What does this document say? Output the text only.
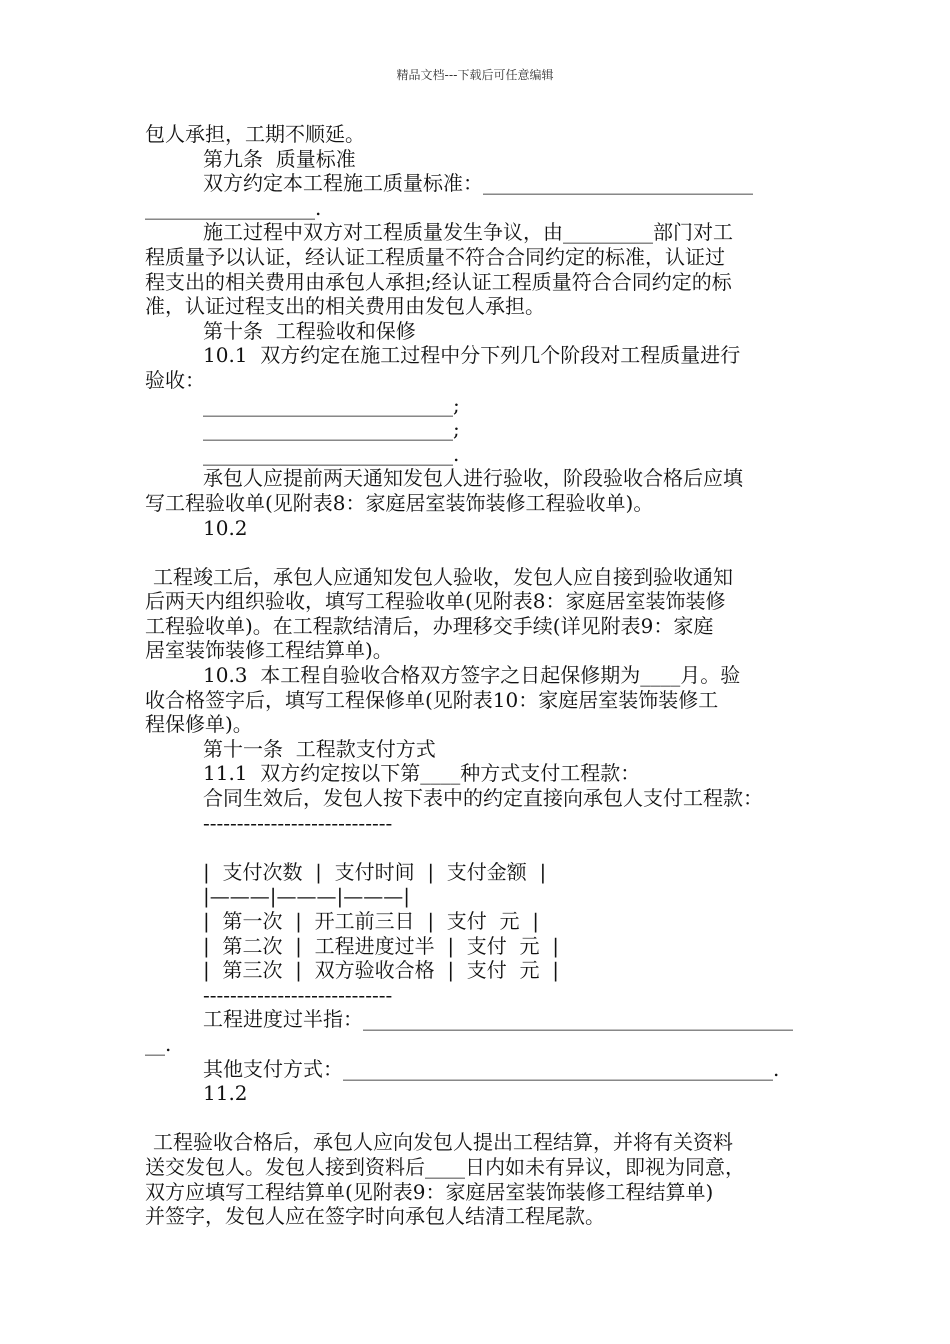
精品文档---下载后可任意编辑
包人承担，工期不顺延。
第九条  质量标准
双方约定本工程施工质量标准：___________________________
_________________.
施工过程中双方对工程质量发生争议，由_________部门对工
程质量予以认证，经认证工程质量不符合合同约定的标准，认证过
程支出的相关费用由承包人承担;经认证工程质量符合合同约定的标
准，认证过程支出的相关费用由发包人承担。
第十条  工程验收和保修
10.1  双方约定在施工过程中分下列几个阶段对工程质量进行
验收：
_________________________;
_________________________;
_________________________.
承包人应提前两天通知发包人进行验收，阶段验收合格后应填
写工程验收单(见附表8：家庭居室装饰装修工程验收单)。
10.2
工程竣工后，承包人应通知发包人验收，发包人应自接到验收通知
后两天内组织验收，填写工程验收单(见附表8：家庭居室装饰装修
工程验收单)。在工程款结清后，办理移交手续(详见附表9：家庭
居室装饰装修工程结算单)。
10.3  本工程自验收合格双方签字之日起保修期为____月。验
收合格签字后，填写工程保修单(见附表10：家庭居室装饰装修工
程保修单)。
第十一条  工程款支付方式
11.1  双方约定按以下第____种方式支付工程款：
合同生效后，发包人按下表中的约定直接向承包人支付工程款：
----------------------------
|  支付次数  |  支付时间  |  支付金额  |
|———|———|———|
|  第一次  |  开工前三日  |  支付  元  |
|  第二次  |  工程进度过半  |  支付  元  |
|  第三次  |  双方验收合格  |  支付  元  |
----------------------------
工程进度过半指：___________________________________________
__.
其他支付方式：___________________________________________.
11.2
工程验收合格后，承包人应向发包人提出工程结算，并将有关资料
送交发包人。发包人接到资料后____日内如未有异议，即视为同意，
双方应填写工程结算单(见附表9：家庭居室装饰装修工程结算单)
并签字，发包人应在签字时向承包人结清工程尾款。
